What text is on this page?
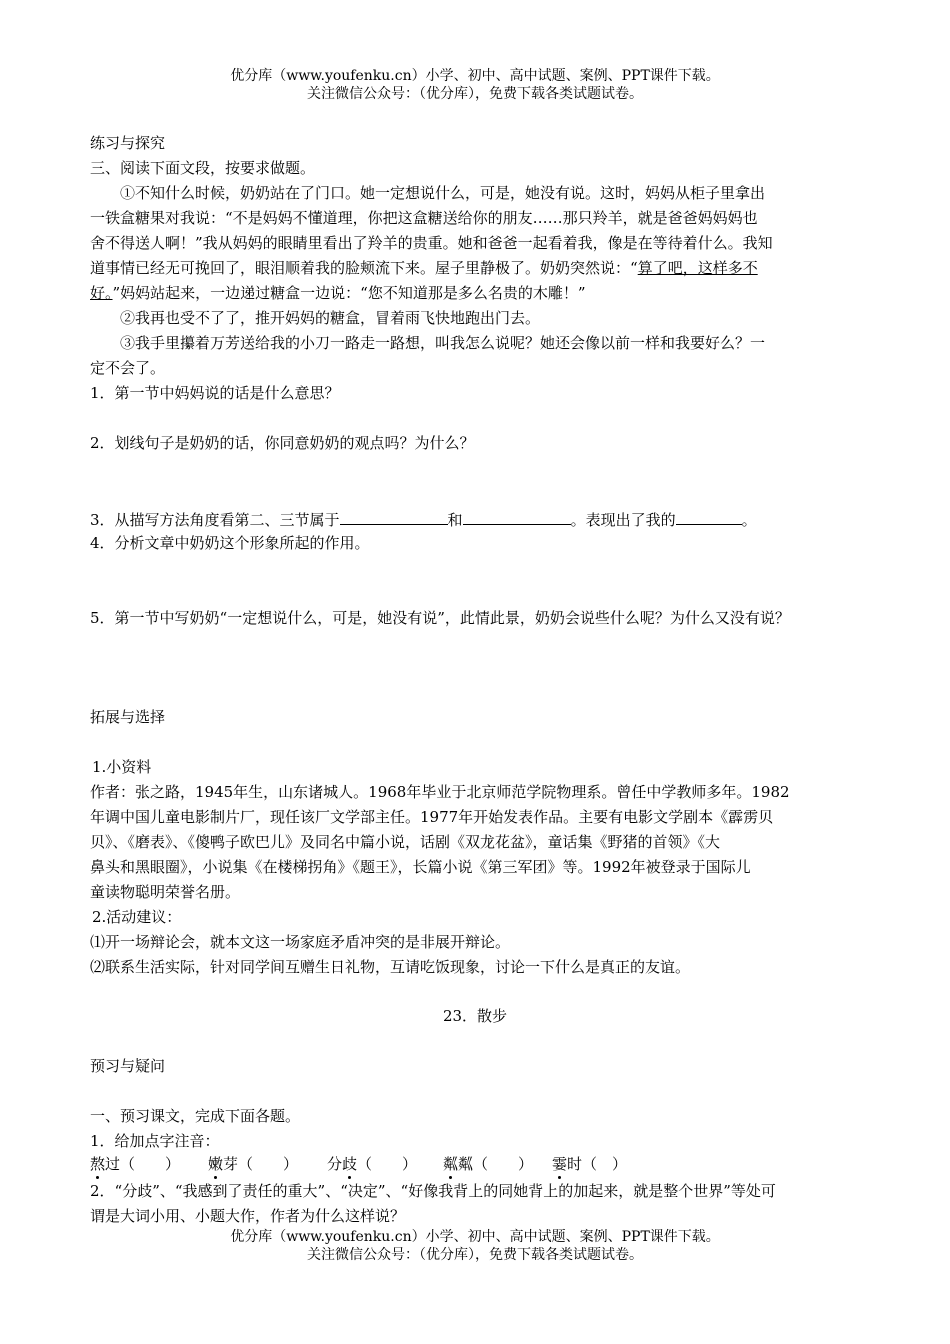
优分库（www.youfenku.cn）小学、初中、高中试题、案例、PPT课件下载。
关注微信公众号：（优分库），免费下载各类试题试卷。
练习与探究
三、阅读下面文段，按要求做题。
①不知什么时候，奶奶站在了门口。她一定想说什么，可是，她没有说。这时，妈妈从柜子里拿出
一铁盒糖果对我说：“不是妈妈不懂道理，你把这盒糖送给你的朋友……那只羚羊，就是爸爸妈妈妈也
舍不得送人啊！”我从妈妈的眼睛里看出了羚羊的贵重。她和爸爸一起看着我，像是在等待着什么。我知
道事情已经无可挽回了，眼泪顺着我的脸颊流下来。屋子里静极了。奶奶突然说：“算了吧，这样多不
好。”妈妈站起来，一边递过糖盒一边说：“您不知道那是多么名贵的木雕！”
②我再也受不了了，推开妈妈的糖盒，冒着雨飞快地跑出门去。
③我手里攥着万芳送给我的小刀一路走一路想，叫我怎么说呢？她还会像以前一样和我要好么？一
定不会了。
1．第一节中妈妈说的话是什么意思？
2．划线句子是奶奶的话，你同意奶奶的观点吗？为什么？
3．从描写方法角度看第二、三节属于	和	。表现出了我的	。
4．分析文章中奶奶这个形象所起的作用。
5．第一节中写奶奶“一定想说什么，可是，她没有说”，此情此景，奶奶会说些什么呢？为什么又没有说？
拓展与选择
1.小资料
作者：张之路，1945年生，山东诸城人。1968年毕业于北京师范学院物理系。曾任中学教师多年。1982
年调中国儿童电影制片厂，现任该厂文学部主任。1977年开始发表作品。主要有电影文学剧本《霹雳贝
贝》、《磨表》、《傻鸭子欧巴儿》及同名中篇小说，话剧《双龙花盆》，童话集《野猪的首领》《大
鼻头和黑眼圈》，小说集《在楼梯拐角》《题王》，长篇小说《第三军团》等。1992年被登录于国际儿
童读物聪明荣誉名册。
2.活动建议：
⑴开一场辩论会，就本文这一场家庭矛盾冲突的是非展开辩论。
⑵联系生活实际，针对同学间互赠生日礼物，互请吃饭现象，讨论一下什么是真正的友谊。
23．散步
预习与疑问
一、预习课文，完成下面各题。
1．给加点字注音：
熬过（　　） 嫩芽（　　） 分歧（　　） 粼粼（　　） 霎时（　）
2．“分歧”、“我感到了责任的重大”、“决定”、“好像我背上的同她背上的加起来，就是整个世界”等处可
谓是大词小用、小题大作，作者为什么这样说？
优分库（www.youfenku.cn）小学、初中、高中试题、案例、PPT课件下载。
关注微信公众号：（优分库），免费下载各类试题试卷。
